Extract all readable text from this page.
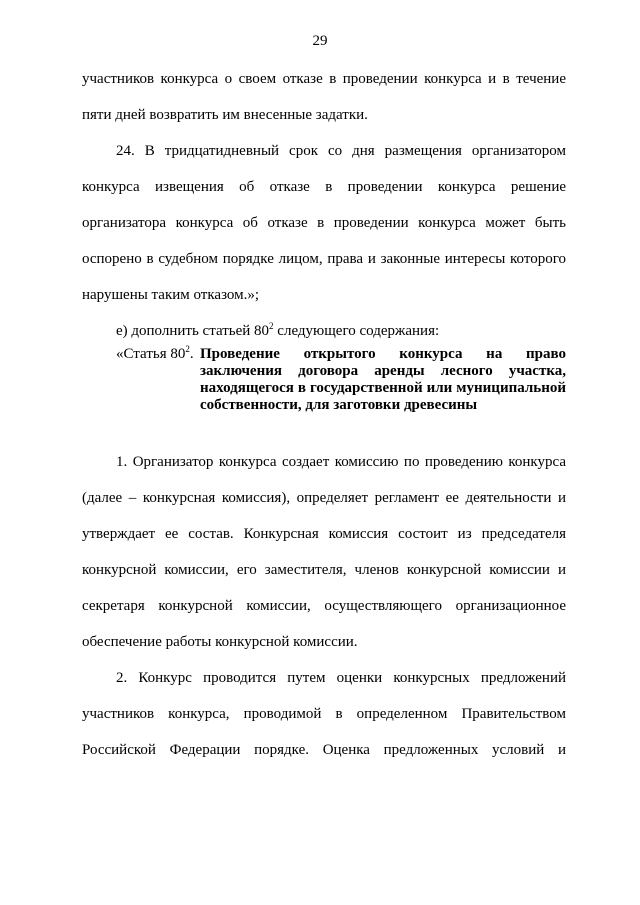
29

участников конкурса о своем отказе в проведении конкурса и в течение пяти дней возвратить им внесенные задатки.

24. В тридцатидневный срок со дня размещения организатором конкурса извещения об отказе в проведении конкурса решение организатора конкурса об отказе в проведении конкурса может быть оспорено в судебном порядке лицом, права и законные интересы которого нарушены таким отказом.»;

е) дополнить статьей $80^2$ следующего содержания:

«Статья $80^2$. Проведение открытого конкурса на право заключения договора аренды лесного участка, находящегося в государственной или муниципальной собственности, для заготовки древесины

1. Организатор конкурса создает комиссию по проведению конкурса (далее – конкурсная комиссия), определяет регламент ее деятельности и утверждает ее состав. Конкурсная комиссия состоит из председателя конкурсной комиссии, его заместителя, членов конкурсной комиссии и секретаря конкурсной комиссии, осуществляющего организационное обеспечение работы конкурсной комиссии.

2. Конкурс проводится путем оценки конкурсных предложений участников конкурса, проводимой в определенном Правительством Российской Федерации порядке. Оценка предложенных условий и
